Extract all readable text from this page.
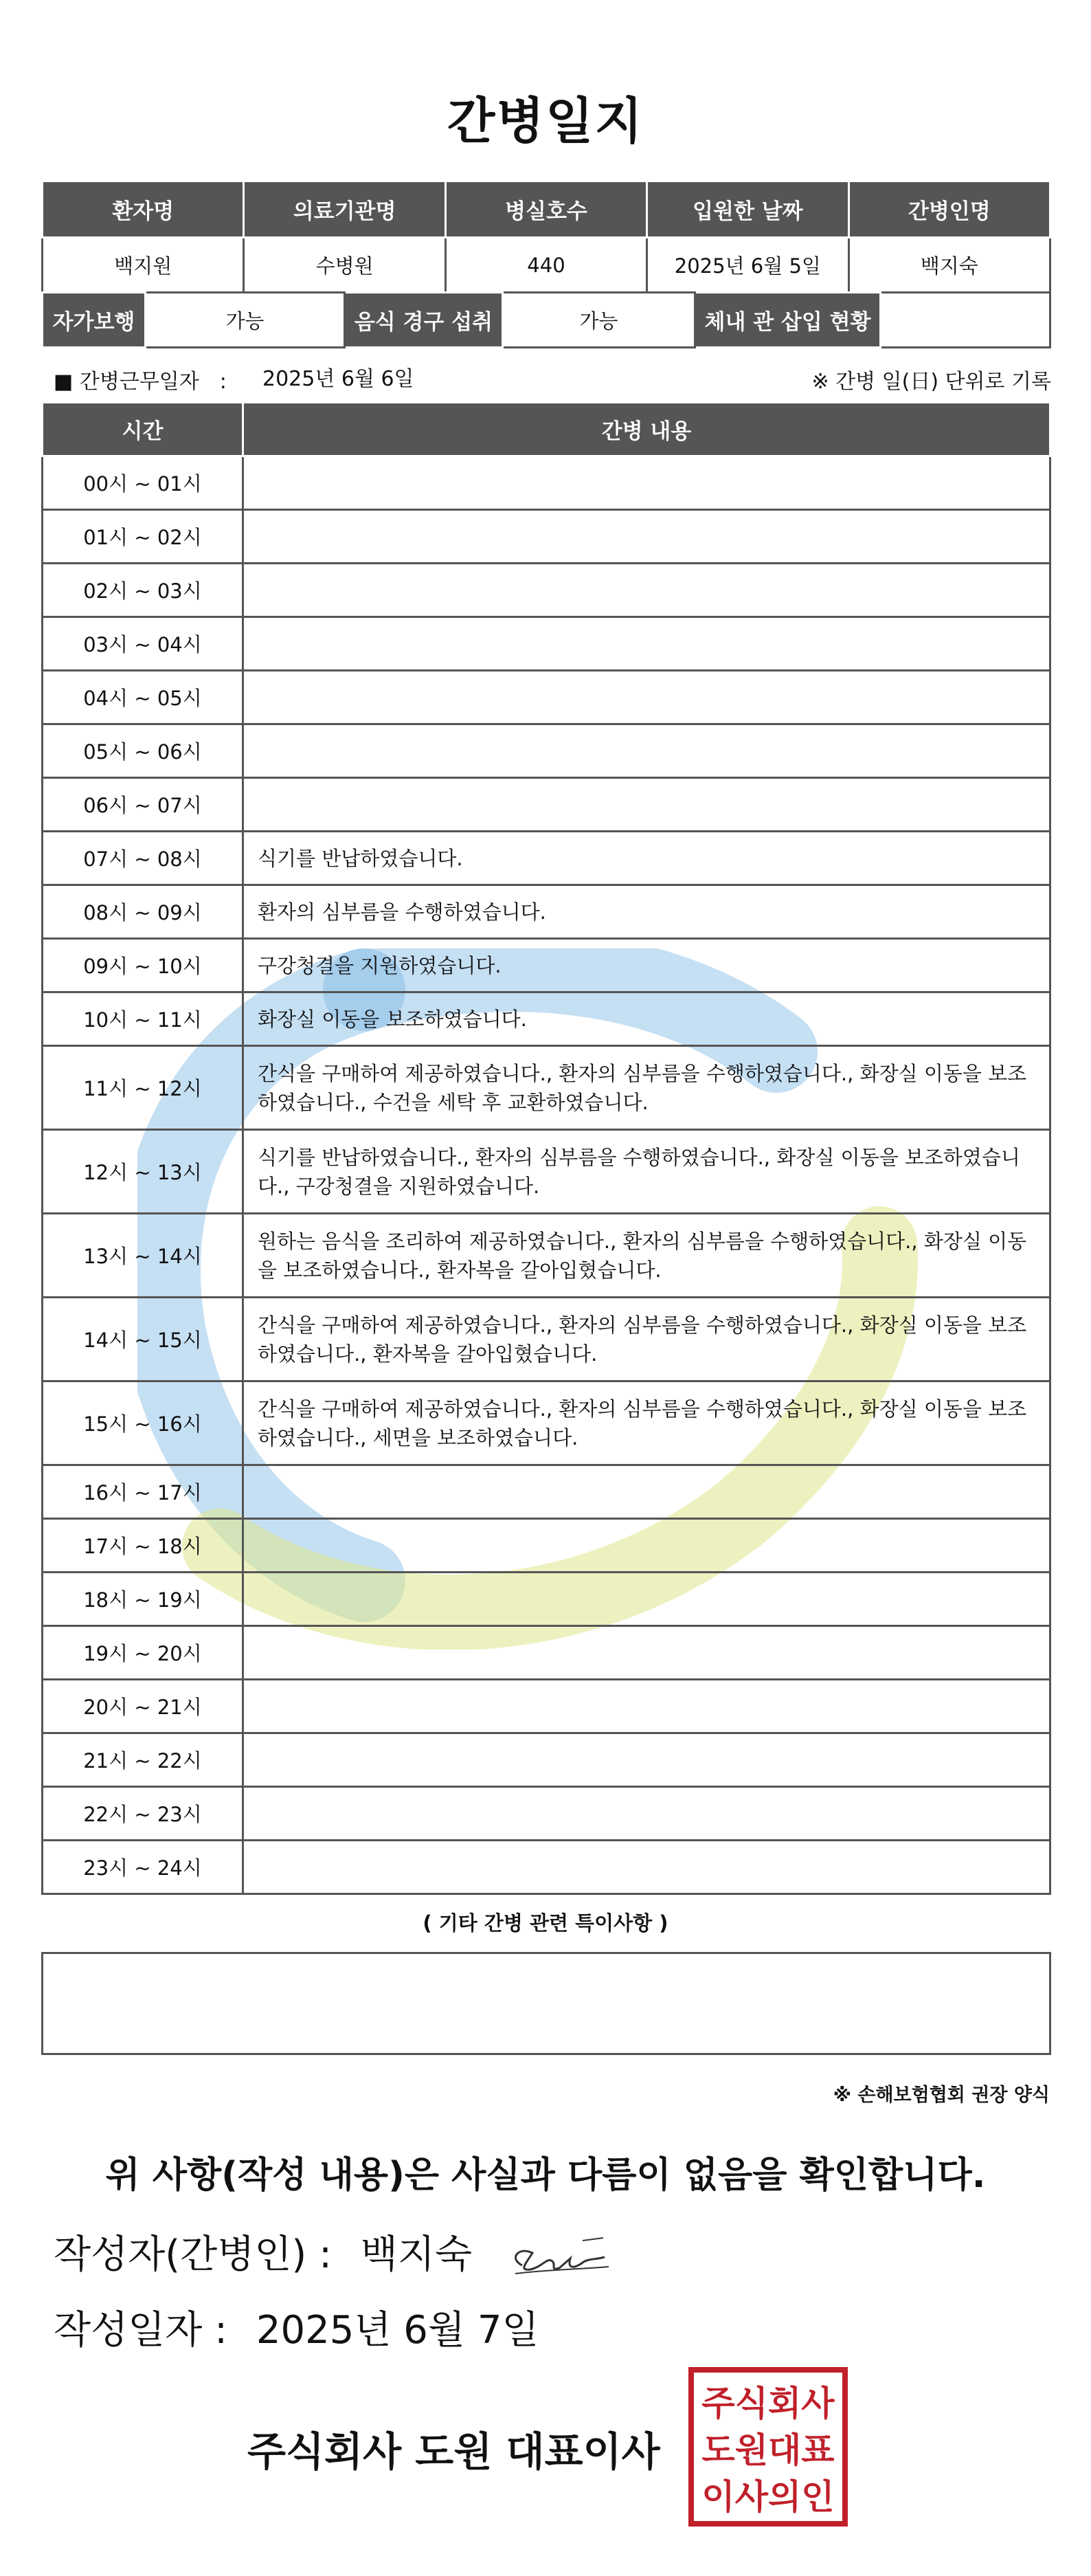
간병일지
환자명	의료기관명	병실호수	입원한 날짜	간병인명
백지원	수병원	440	2025년 6월 5일	백지숙
자가보행	가능	음식 경구 섭취	가능	체내 관 삽입 현황	
■ 간병근무일자　: 2025년 6월 6일	※ 간병 일(日) 단위로 기록
시간	간병 내용
00시 ~ 01시	
01시 ~ 02시	
02시 ~ 03시	
03시 ~ 04시	
04시 ~ 05시	
05시 ~ 06시	
06시 ~ 07시	
07시 ~ 08시	식기를 반납하였습니다.
08시 ~ 09시	환자의 심부름을 수행하였습니다.
09시 ~ 10시	구강청결을 지원하였습니다.
10시 ~ 11시	화장실 이동을 보조하였습니다.
11시 ~ 12시	간식을 구매하여 제공하였습니다., 환자의 심부름을 수행하였습니다., 화장실 이동을 보조하였습니다., 수건을 세탁 후 교환하였습니다.
12시 ~ 13시	식기를 반납하였습니다., 환자의 심부름을 수행하였습니다., 화장실 이동을 보조하였습니다., 구강청결을 지원하였습니다.
13시 ~ 14시	원하는 음식을 조리하여 제공하였습니다., 환자의 심부름을 수행하였습니다., 화장실 이동을 보조하였습니다., 환자복을 갈아입혔습니다.
14시 ~ 15시	간식을 구매하여 제공하였습니다., 환자의 심부름을 수행하였습니다., 화장실 이동을 보조하였습니다., 환자복을 갈아입혔습니다.
15시 ~ 16시	간식을 구매하여 제공하였습니다., 환자의 심부름을 수행하였습니다., 화장실 이동을 보조하였습니다., 세면을 보조하였습니다.
16시 ~ 17시	
17시 ~ 18시	
18시 ~ 19시	
19시 ~ 20시	
20시 ~ 21시	
21시 ~ 22시	
22시 ~ 23시	
23시 ~ 24시	
( 기타 간병 관련 특이사항 )
※ 손해보험협회 권장 양식
위 사항(작성 내용)은 사실과 다름이 없음을 확인합니다.
작성자(간병인) : 백지숙
작성일자 : 2025년 6월 7일
주식회사 도원 대표이사
주식회사
도원대표
이사의인
